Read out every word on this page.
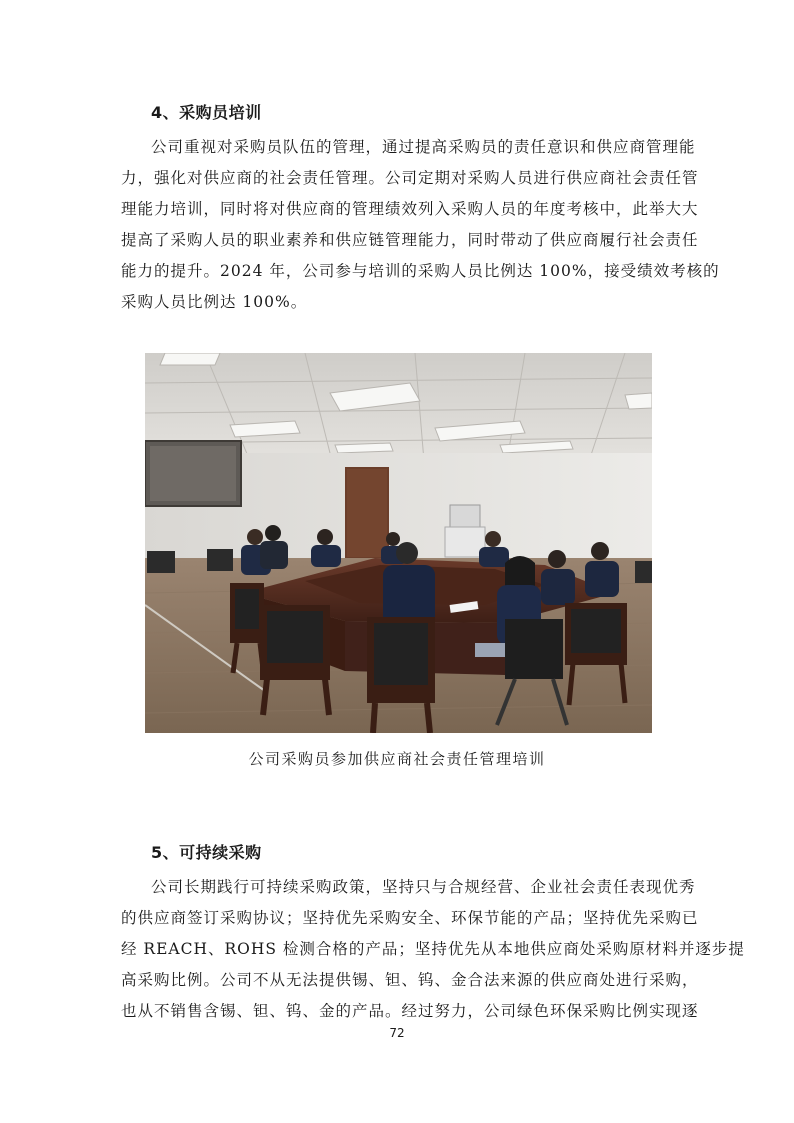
4、采购员培训
公司重视对采购员队伍的管理，通过提高采购员的责任意识和供应商管理能
力，强化对供应商的社会责任管理。公司定期对采购人员进行供应商社会责任管
理能力培训，同时将对供应商的管理绩效列入采购人员的年度考核中，此举大大
提高了采购人员的职业素养和供应链管理能力，同时带动了供应商履行社会责任
能力的提升。2024 年，公司参与培训的采购人员比例达 100%，接受绩效考核的
采购人员比例达 100%。
公司采购员参加供应商社会责任管理培训
5、可持续采购
公司长期践行可持续采购政策，坚持只与合规经营、企业社会责任表现优秀
的供应商签订采购协议；坚持优先采购安全、环保节能的产品；坚持优先采购已
经 REACH、ROHS 检测合格的产品；坚持优先从本地供应商处采购原材料并逐步提
高采购比例。公司不从无法提供锡、钽、钨、金合法来源的供应商处进行采购，
也从不销售含锡、钽、钨、金的产品。经过努力，公司绿色环保采购比例实现逐
72
